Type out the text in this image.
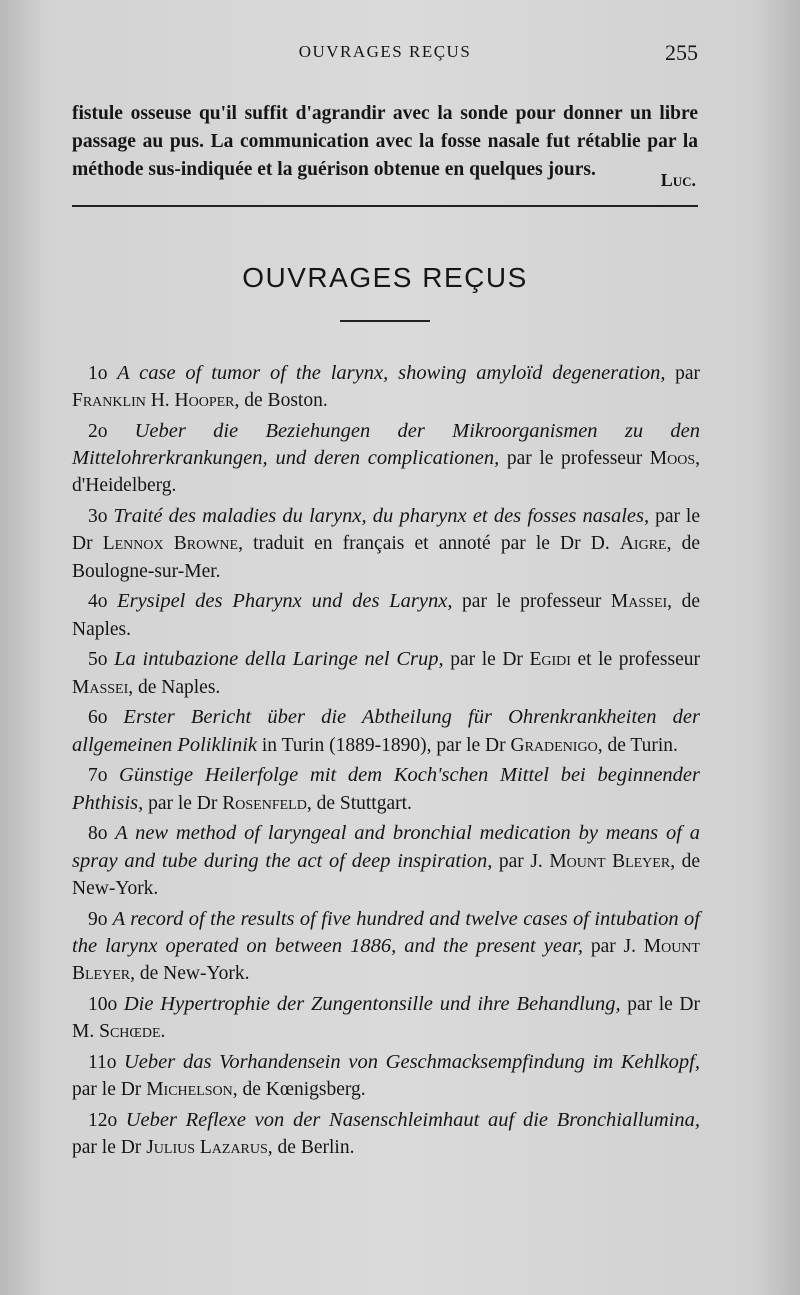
OUVRAGES REÇUS	255

fistule osseuse qu'il suffit d'agrandir avec la sonde pour donner un libre passage au pus. La communication avec la fosse nasale fut rétablie par la méthode sus-indiquée et la guérison obtenue en quelques jours.

Luc.
OUVRAGES REÇUS

1o A case of tumor of the larynx, showing amyloïd degeneration, par Franklin H. Hooper, de Boston.

2o Ueber die Beziehungen der Mikroorganismen zu den Mittelohrerkrankungen, und deren complicationen, par le professeur Moos, d'Heidelberg.

3o Traité des maladies du larynx, du pharynx et des fosses nasales, par le Dr Lennox Browne, traduit en français et annoté par le Dr D. Aigre, de Boulogne-sur-Mer.

4o Erysipel des Pharynx und des Larynx, par le professeur Massei, de Naples.

5o La intubazione della Laringe nel Crup, par le Dr Egidi et le professeur Massei, de Naples.

6o Erster Bericht über die Abtheilung für Ohrenkrankheiten der allgemeinen Poliklinik in Turin (1889-1890), par le Dr Gradenigo, de Turin.

7o Günstige Heilerfolge mit dem Koch'schen Mittel bei beginnender Phthisis, par le Dr Rosenfeld, de Stuttgart.

8o A new method of laryngeal and bronchial medication by means of a spray and tube during the act of deep inspiration, par J. Mount Bleyer, de New-York.

9o A record of the results of five hundred and twelve cases of intubation of the larynx operated on between 1886, and the present year, par J. Mount Bleyer, de New-York.

10o Die Hypertrophie der Zungentonsille und ihre Behandlung, par le Dr M. Schœde.

11o Ueber das Vorhandensein von Geschmacksempfindung im Kehlkopf, par le Dr Michelson, de Kœnigsberg.

12o Ueber Reflexe von der Nasenschleimhaut auf die Bronchiallumina, par le Dr Julius Lazarus, de Berlin.
